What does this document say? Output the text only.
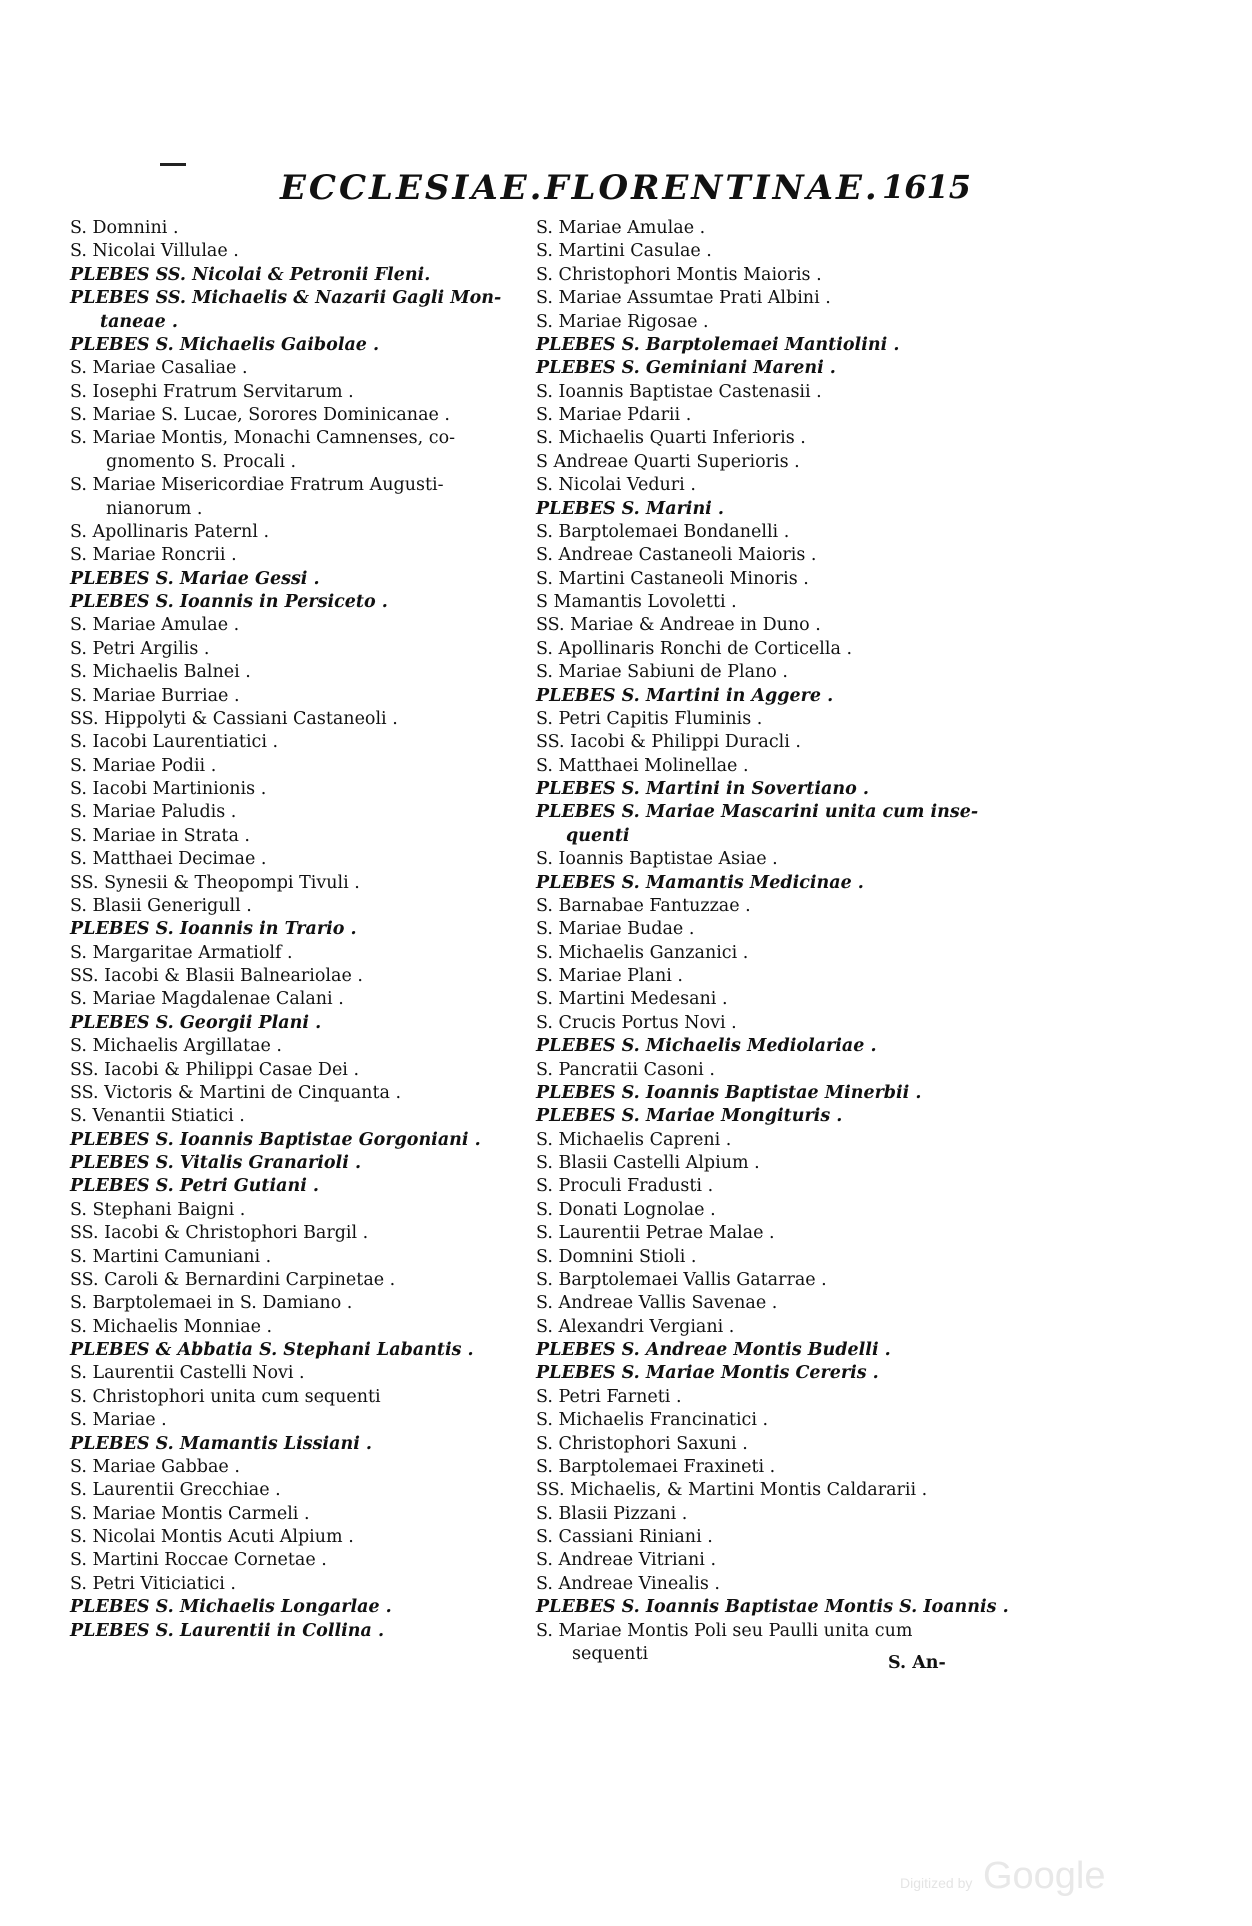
ECCLESIAE.FLORENTINAE. 1615
S. Domnini .
S. Nicolai Villulae .
PLEBES SS. Nicolai & Petronii Fleni.
PLEBES SS. Michaelis & Nazarii Gagli Mon-
taneae .
PLEBES S. Michaelis Gaibolae .
S. Mariae Casaliae .
S. Iosephi Fratrum Servitarum .
S. Mariae S. Lucae, Sorores Dominicanae .
S. Mariae Montis, Monachi Camnenses, co-
gnomento S. Procali .
S. Mariae Misericordiae Fratrum Augusti-
nianorum .
S. Apollinaris Paternl .
S. Mariae Roncrii .
PLEBES S. Mariae Gessi .
PLEBES S. Ioannis in Persiceto .
S. Mariae Amulae .
S. Petri Argilis .
S. Michaelis Balnei .
S. Mariae Burriae .
SS. Hippolyti & Cassiani Castaneoli .
S. Iacobi Laurentiatici .
S. Mariae Podii .
S. Iacobi Martinionis .
S. Mariae Paludis .
S. Mariae in Strata .
S. Matthaei Decimae .
SS. Synesii & Theopompi Tivuli .
S. Blasii Generigull .
PLEBES S. Ioannis in Trario .
S. Margaritae Armatiolf .
SS. Iacobi & Blasii Balneariolae .
S. Mariae Magdalenae Calani .
PLEBES S. Georgii Plani .
S. Michaelis Argillatae .
SS. Iacobi & Philippi Casae Dei .
SS. Victoris & Martini de Cinquanta .
S. Venantii Stiatici .
PLEBES S. Ioannis Baptistae Gorgoniani .
PLEBES S. Vitalis Granarioli .
PLEBES S. Petri Gutiani .
S. Stephani Baigni .
SS. Iacobi & Christophori Bargil .
S. Martini Camuniani .
SS. Caroli & Bernardini Carpinetae .
S. Barptolemaei in S. Damiano .
S. Michaelis Monniae .
PLEBES & Abbatia S. Stephani Labantis .
S. Laurentii Castelli Novi .
S. Christophori unita cum sequenti
S. Mariae .
PLEBES S. Mamantis Lissiani .
S. Mariae Gabbae .
S. Laurentii Grecchiae .
S. Mariae Montis Carmeli .
S. Nicolai Montis Acuti Alpium .
S. Martini Roccae Cornetae .
S. Petri Viticiatici .
PLEBES S. Michaelis Longarlae .
PLEBES S. Laurentii in Collina .
S. Mariae Amulae .
S. Martini Casulae .
S. Christophori Montis Maioris .
S. Mariae Assumtae Prati Albini .
S. Mariae Rigosae .
PLEBES S. Barptolemaei Mantiolini .
PLEBES S. Geminiani Mareni .
S. Ioannis Baptistae Castenasii .
S. Mariae Pdarii .
S. Michaelis Quarti Inferioris .
S Andreae Quarti Superioris .
S. Nicolai Veduri .
PLEBES S. Marini .
S. Barptolemaei Bondanelli .
S. Andreae Castaneoli Maioris .
S. Martini Castaneoli Minoris .
S Mamantis Lovoletti .
SS. Mariae & Andreae in Duno .
S. Apollinaris Ronchi de Corticella .
S. Mariae Sabiuni de Plano .
PLEBES S. Martini in Aggere .
S. Petri Capitis Fluminis .
SS. Iacobi & Philippi Duracli .
S. Matthaei Molinellae .
PLEBES S. Martini in Sovertiano .
PLEBES S. Mariae Mascarini unita cum inse-
quenti
S. Ioannis Baptistae Asiae .
PLEBES S. Mamantis Medicinae .
S. Barnabae Fantuzzae .
S. Mariae Budae .
S. Michaelis Ganzanici .
S. Mariae Plani .
S. Martini Medesani .
S. Crucis Portus Novi .
PLEBES S. Michaelis Mediolariae .
S. Pancratii Casoni .
PLEBES S. Ioannis Baptistae Minerbii .
PLEBES S. Mariae Mongituris .
S. Michaelis Capreni .
S. Blasii Castelli Alpium .
S. Proculi Fradusti .
S. Donati Lognolae .
S. Laurentii Petrae Malae .
S. Domnini Stioli .
S. Barptolemaei Vallis Gatarrae .
S. Andreae Vallis Savenae .
S. Alexandri Vergiani .
PLEBES S. Andreae Montis Budelli .
PLEBES S. Mariae Montis Cereris .
S. Petri Farneti .
S. Michaelis Francinatici .
S. Christophori Saxuni .
S. Barptolemaei Fraxineti .
SS. Michaelis, & Martini Montis Caldararii .
S. Blasii Pizzani .
S. Cassiani Riniani .
S. Andreae Vitriani .
S. Andreae Vinealis .
PLEBES S. Ioannis Baptistae Montis S. Ioannis .
S. Mariae Montis Poli seu Paulli unita cum
sequenti	S. An-
Digitized by Google
